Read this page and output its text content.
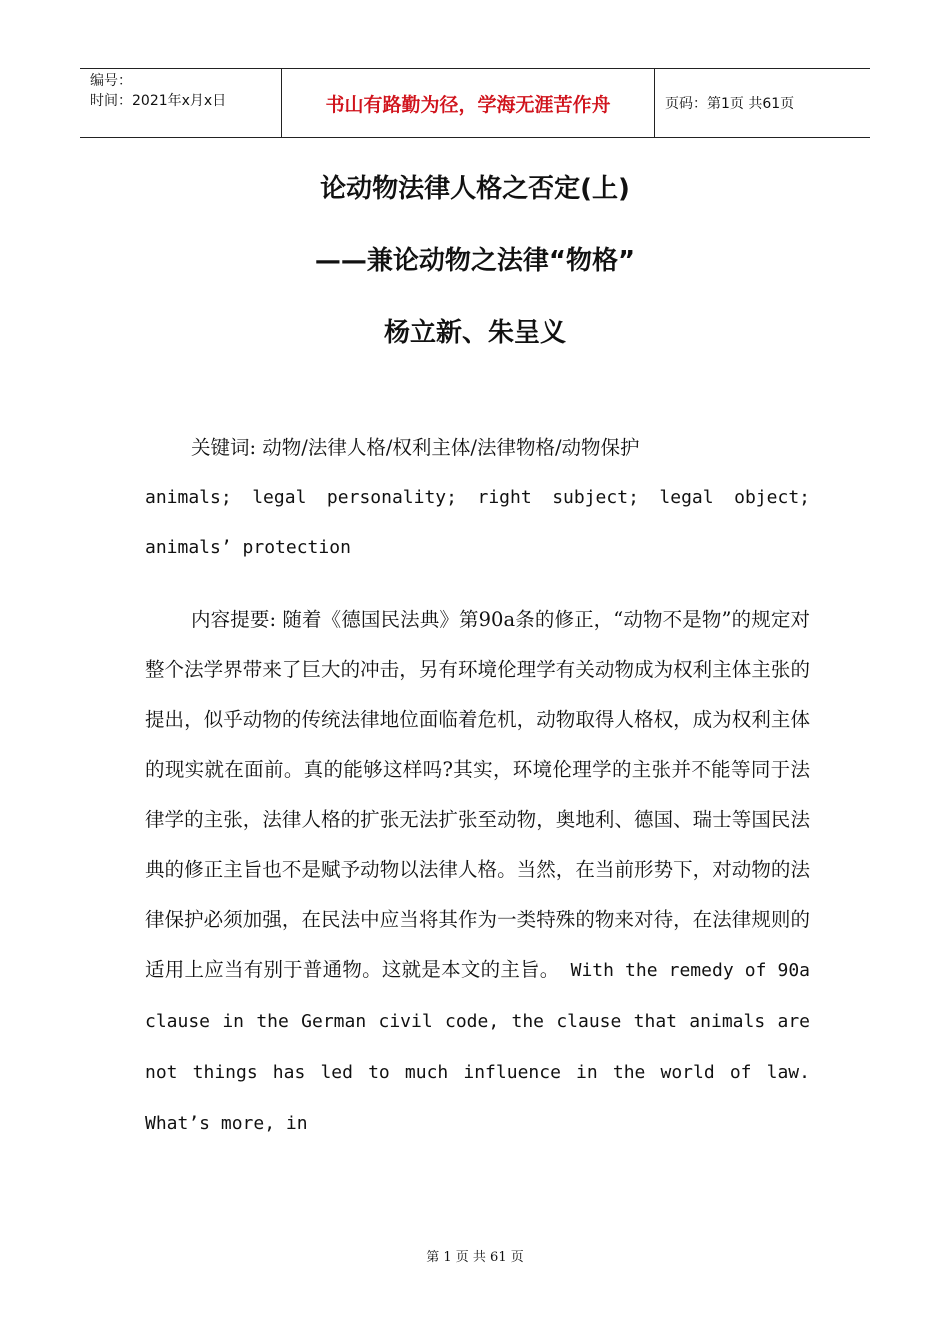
编号：
时间：2021年x月x日	书山有路勤为径，学海无涯苦作舟	页码：第1页 共61页
论动物法律人格之否定(上)
——兼论动物之法律“物格”
杨立新、朱呈义

关键词: 动物/法律人格/权利主体/法律物格/动物保护

animals; legal personality; right subject; legal object; animals’ protection

内容提要: 随着《德国民法典》第90a条的修正，“动物不是物”的规定对整个法学界带来了巨大的冲击，另有环境伦理学有关动物成为权利主体主张的提出，似乎动物的传统法律地位面临着危机，动物取得人格权，成为权利主体的现实就在面前。真的能够这样吗?其实，环境伦理学的主张并不能等同于法律学的主张，法律人格的扩张无法扩张至动物，奥地利、德国、瑞士等国民法典的修正主旨也不是赋予动物以法律人格。当然，在当前形势下，对动物的法律保护必须加强，在民法中应当将其作为一类特殊的物来对待，在法律规则的适用上应当有别于普通物。这就是本文的主旨。 With the remedy of 90a clause in the German civil code, the clause that animals are not things has led to much influence in the world of law. What’s more, in

第 1 页 共 61 页
